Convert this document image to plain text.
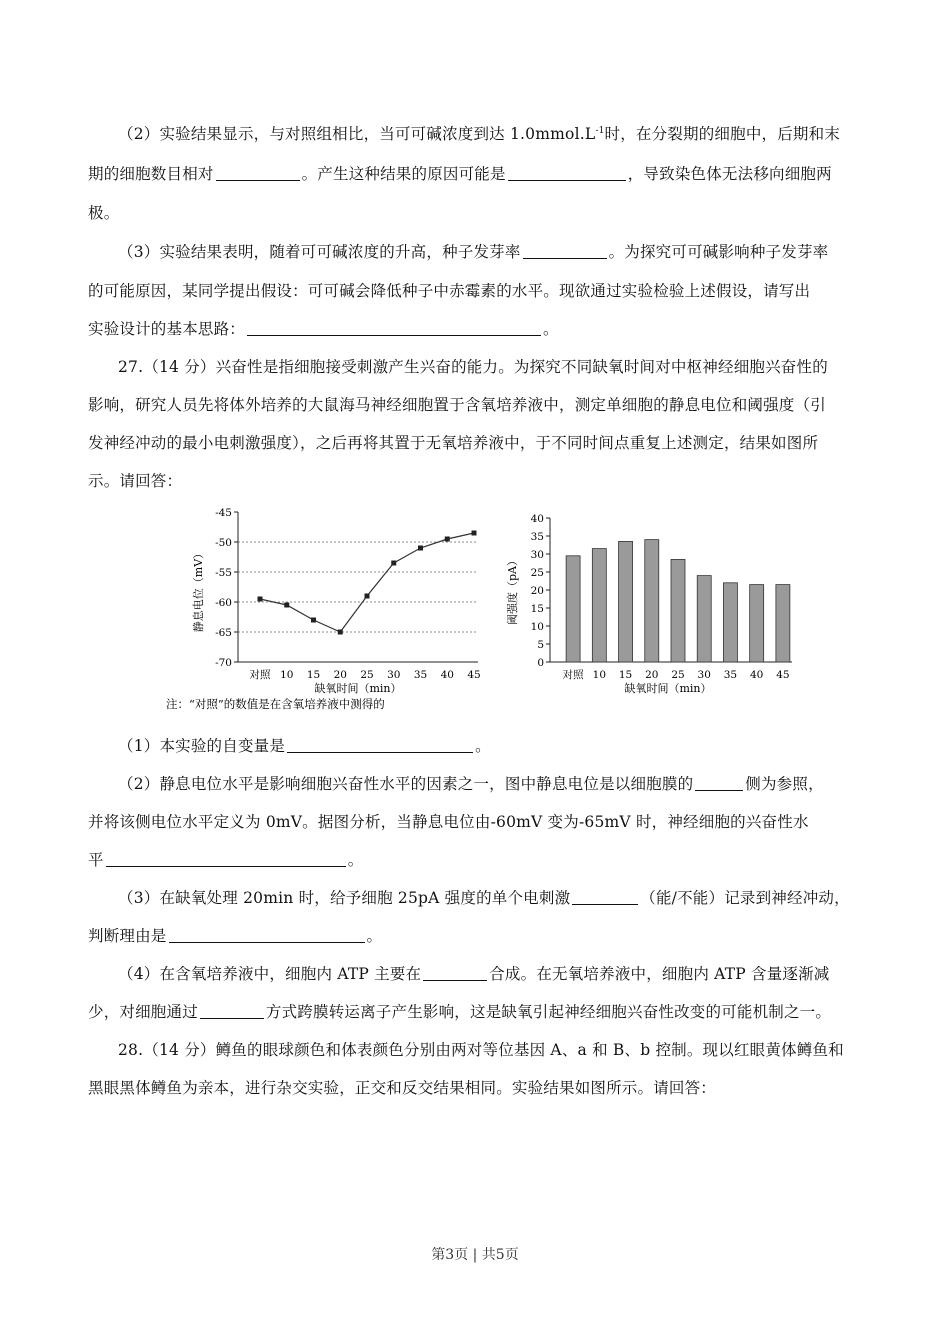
（2）实验结果显示，与对照组相比，当可可碱浓度到达 $1.0mmol.L^{-1}$时，在分裂期的细胞中，后期和末
期的细胞数目相对	。产生这种结果的原因可能是	，导致染色体无法移向细胞两
极。
（3）实验结果表明，随着可可碱浓度的升高，种子发芽率	。为探究可可碱影响种子发芽率
的可能原因，某同学提出假设：可可碱会降低种子中赤霉素的水平。现欲通过实验检验上述假设，请写出
实验设计的基本思路：	。
27.（14 分）兴奋性是指细胞接受刺激产生兴奋的能力。为探究不同缺氧时间对中枢神经细胞兴奋性的
影响，研究人员先将体外培养的大鼠海马神经细胞置于含氧培养液中，测定单细胞的静息电位和阈强度（引
发神经冲动的最小电刺激强度），之后再将其置于无氧培养液中，于不同时间点重复上述测定，结果如图所
示。请回答：
静息电位（mV）
-45
-50
-55
-60
-65
-70
对照 10 15 20 25 30 35 40 45
缺氧时间（min）
注：“对照”的数值是在含氧培养液中测得的
阈强度（pA）
0
5
10
15
20
25
30
35
40
对照 10 15 20 25 30 35 40 45
缺氧时间（min）
（1）本实验的自变量是	。
（2）静息电位水平是影响细胞兴奋性水平的因素之一，图中静息电位是以细胞膜的	侧为参照，
并将该侧电位水平定义为 0mV。据图分析，当静息电位由-60mV 变为-65mV 时，神经细胞的兴奋性水
平	。
（3）在缺氧处理 20min 时，给予细胞 25pA 强度的单个电刺激	（能/不能）记录到神经冲动，
判断理由是	。
（4）在含氧培养液中，细胞内 ATP 主要在	合成。在无氧培养液中，细胞内 ATP 含量逐渐减
少，对细胞通过	方式跨膜转运离子产生影响，这是缺氧引起神经细胞兴奋性改变的可能机制之一。
28.（14 分）鳟鱼的眼球颜色和体表颜色分别由两对等位基因 A、a 和 B、b 控制。现以红眼黄体鳟鱼和
黑眼黑体鳟鱼为亲本，进行杂交实验，正交和反交结果相同。实验结果如图所示。请回答：
第3页 | 共5页
